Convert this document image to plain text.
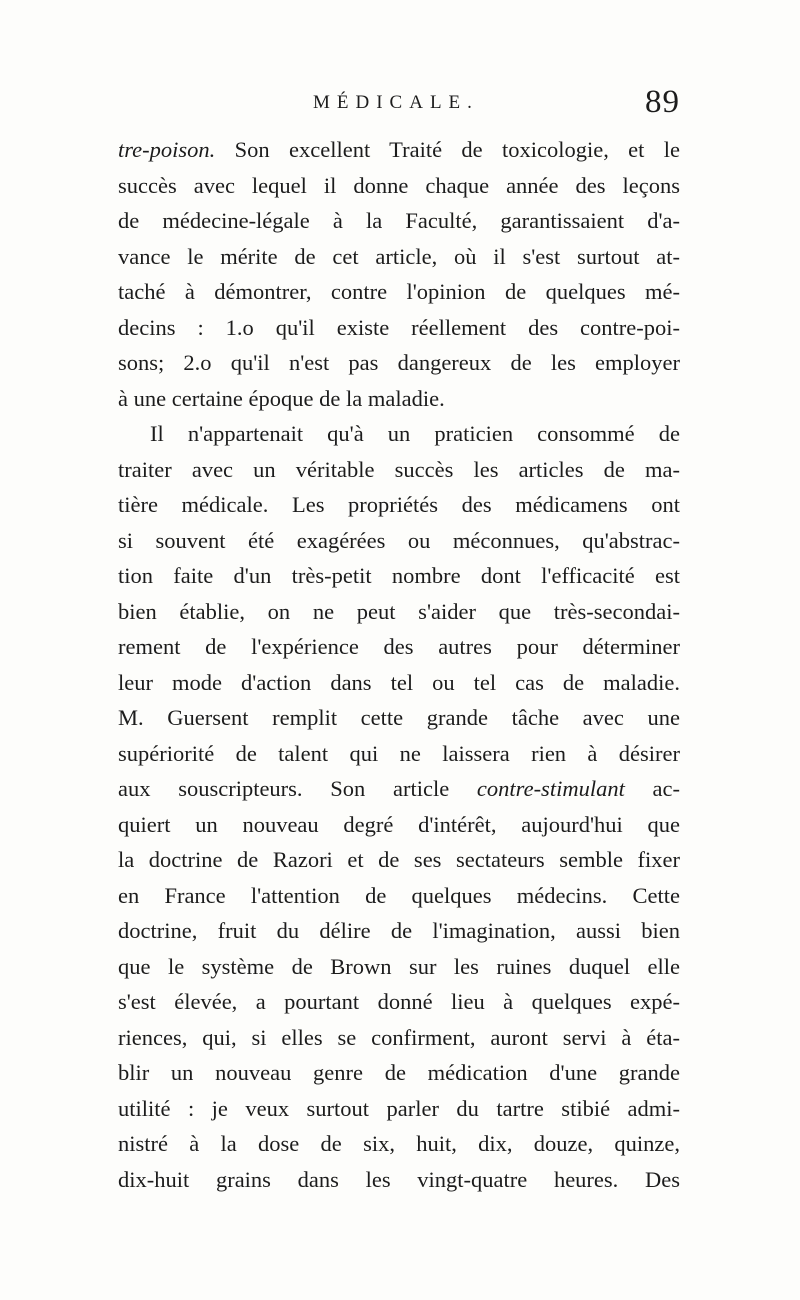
MÉDICALE.	89
tre-poison. Son excellent Traité de toxicologie, et le
succès avec lequel il donne chaque année des leçons
de médecine-légale à la Faculté, garantissaient d'a-
vance le mérite de cet article, où il s'est surtout at-
taché à démontrer, contre l'opinion de quelques mé-
decins : 1.o qu'il existe réellement des contre-poi-
sons; 2.o qu'il n'est pas dangereux de les employer
à une certaine époque de la maladie.
Il n'appartenait qu'à un praticien consommé de
traiter avec un véritable succès les articles de ma-
tière médicale. Les propriétés des médicamens ont
si souvent été exagérées ou méconnues, qu'abstrac-
tion faite d'un très-petit nombre dont l'efficacité est
bien établie, on ne peut s'aider que très-secondai-
rement de l'expérience des autres pour déterminer
leur mode d'action dans tel ou tel cas de maladie.
M. Guersent remplit cette grande tâche avec une
supériorité de talent qui ne laissera rien à désirer
aux souscripteurs. Son article contre-stimulant ac-
quiert un nouveau degré d'intérêt, aujourd'hui que
la doctrine de Razori et de ses sectateurs semble fixer
en France l'attention de quelques médecins. Cette
doctrine, fruit du délire de l'imagination, aussi bien
que le système de Brown sur les ruines duquel elle
s'est élevée, a pourtant donné lieu à quelques expé-
riences, qui, si elles se confirment, auront servi à éta-
blir un nouveau genre de médication d'une grande
utilité : je veux surtout parler du tartre stibié admi-
nistré à la dose de six, huit, dix, douze, quinze,
dix-huit grains dans les vingt-quatre heures. Des
